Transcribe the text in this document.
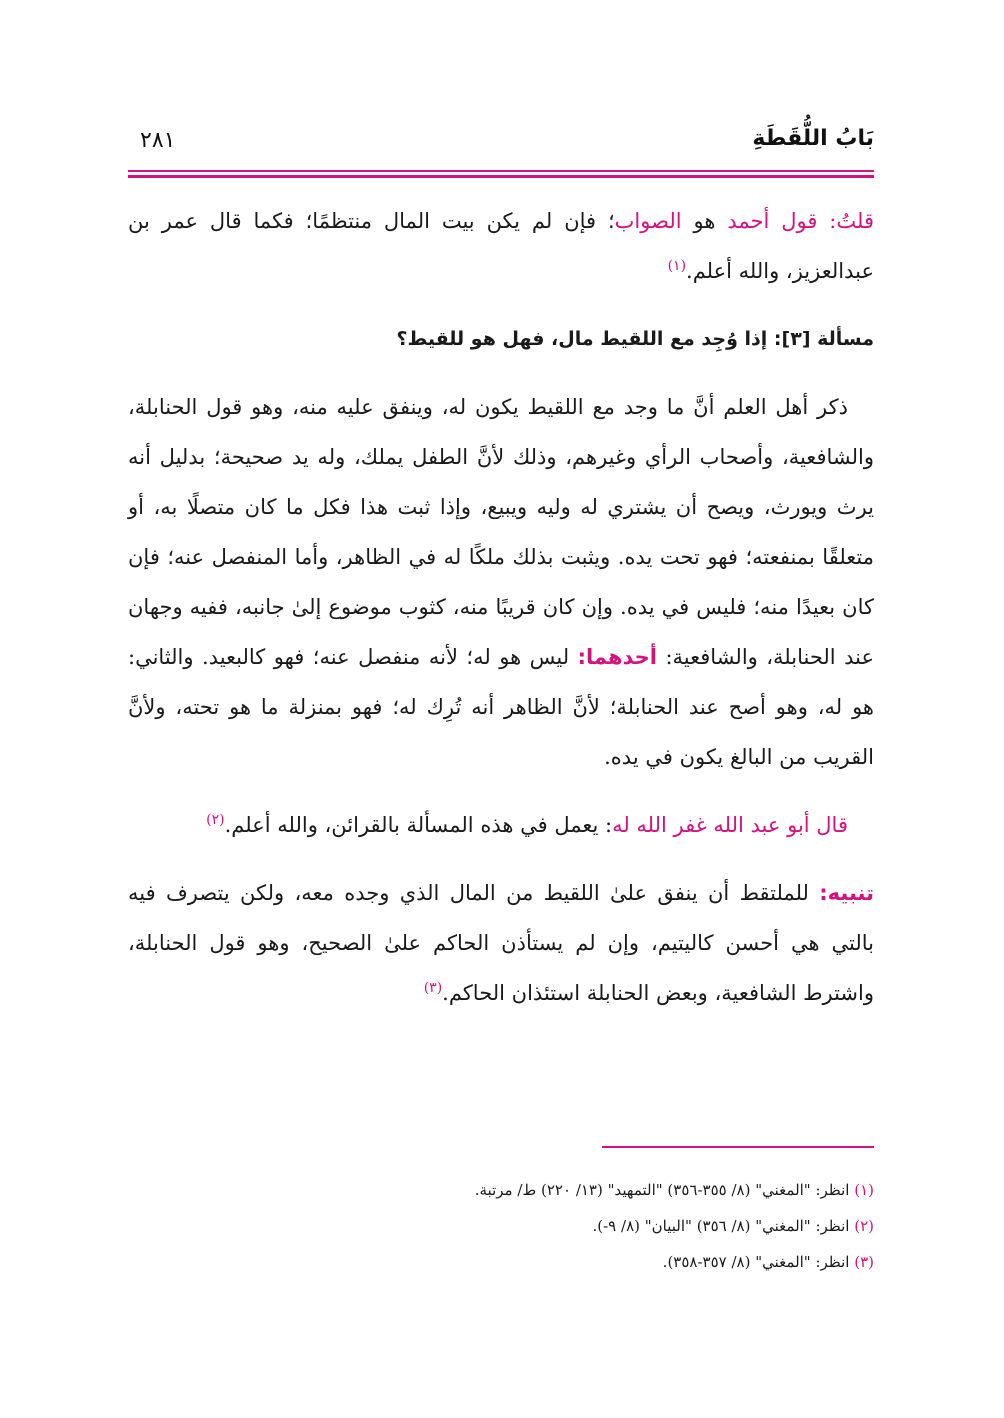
بَابُ اللُّقَطَةِ
٢٨١

قلتُ: قول أحمد هو الصواب؛ فإن لم يكن بيت المال منتظمًا؛ فكما قال عمر بن عبدالعزيز، والله أعلم.$^{(١)}$

مسألة [٣]: إذا وُجِد مع اللقيط مال، فهل هو للقيط؟

ذكر أهل العلم أنَّ ما وجد مع اللقيط يكون له، وينفق عليه منه، وهو قول الحنابلة، والشافعية، وأصحاب الرأي وغيرهم، وذلك لأنَّ الطفل يملك، وله يد صحيحة؛ بدليل أنه يرث ويورث، ويصح أن يشتري له وليه ويبيع، وإذا ثبت هذا فكل ما كان متصلًا به، أو متعلقًا بمنفعته؛ فهو تحت يده. ويثبت بذلك ملكًا له في الظاهر، وأما المنفصل عنه؛ فإن كان بعيدًا منه؛ فليس في يده. وإن كان قريبًا منه، كثوب موضوع إلىٰ جانبه، ففيه وجهان عند الحنابلة، والشافعية: أحدهما: ليس هو له؛ لأنه منفصل عنه؛ فهو كالبعيد. والثاني: هو له، وهو أصح عند الحنابلة؛ لأنَّ الظاهر أنه تُرِك له؛ فهو بمنزلة ما هو تحته، ولأنَّ القريب من البالغ يكون في يده.

قال أبو عبد الله غفر الله له: يعمل في هذه المسألة بالقرائن، والله أعلم.$^{(٢)}$

تنبيه: للملتقط أن ينفق علىٰ اللقيط من المال الذي وجده معه، ولكن يتصرف فيه بالتي هي أحسن كاليتيم، وإن لم يستأذن الحاكم علىٰ الصحيح، وهو قول الحنابلة، واشترط الشافعية، وبعض الحنابلة استئذان الحاكم.$^{(٣)}$

(١) انظر: "المغني" (٨/ ٣٥٥-٣٥٦) "التمهيد" (١٣/ ٢٢٠) ط/ مرتبة.

(٢) انظر: "المغني" (٨/ ٣٥٦) "البيان" (٨/ ٩-).

(٣) انظر: "المغني" (٨/ ٣٥٧-٣٥٨).
